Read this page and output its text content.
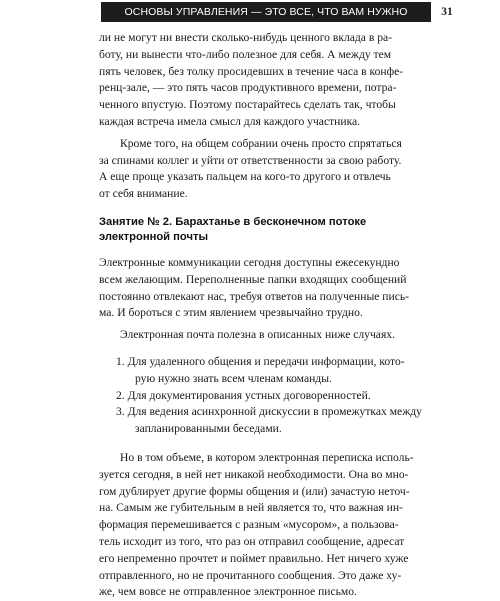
ОСНОВЫ УПРАВЛЕНИЯ — ЭТО ВСЕ, ЧТО ВАМ НУЖНО	31
ли не могут ни внести сколько-нибудь ценного вклада в ра-
боту, ни вынести что-либо полезное для себя. А между тем
пять человек, без толку просидевших в течение часа в конфе-
ренц-зале, — это пять часов продуктивного времени, потра-
ченного впустую. Поэтому постарайтесь сделать так, чтобы
каждая встреча имела смысл для каждого участника.
Кроме того, на общем собрании очень просто спрятаться
за спинами коллег и уйти от ответственности за свою работу.
А еще проще указать пальцем на кого-то другого и отвлечь
от себя внимание.
Занятие № 2. Барахтанье в бесконечном потоке
электронной почты
Электронные коммуникации сегодня доступны ежесекундно
всем желающим. Переполненные папки входящих сообщений
постоянно отвлекают нас, требуя ответов на полученные пись-
ма. И бороться с этим явлением чрезвычайно трудно.
Электронная почта полезна в описанных ниже случаях.
1. Для удаленного общения и передачи информации, кото-
рую нужно знать всем членам команды.
2. Для документирования устных договоренностей.
3. Для ведения асинхронной дискуссии в промежутках между
запланированными беседами.
Но в том объеме, в котором электронная переписка исполь-
зуется сегодня, в ней нет никакой необходимости. Она во мно-
гом дублирует другие формы общения и (или) зачастую неточ-
на. Самым же губительным в ней является то, что важная ин-
формация перемешивается с разным «мусором», а пользова-
тель исходит из того, что раз он отправил сообщение, адресат
его непременно прочтет и поймет правильно. Нет ничего хуже
отправленного, но не прочитанного сообщения. Это даже ху-
же, чем вовсе не отправленное электронное письмо.
